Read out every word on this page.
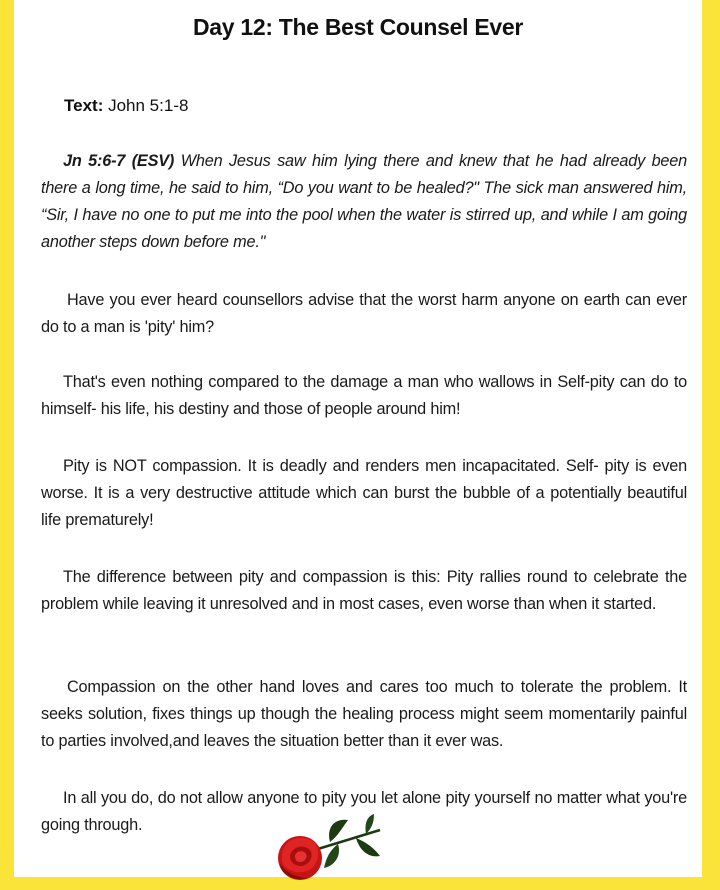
Day 12: The Best Counsel Ever
Text: John 5:1-8
Jn 5:6-7 (ESV) When Jesus saw him lying there and knew that he had already been there a long time, he said to him, “Do you want to be healed?" The sick man answered him, “Sir, I have no one to put me into the pool when the water is stirred up, and while I am going another steps down before me."
Have you ever heard counsellors advise that the worst harm anyone on earth can ever do to a man is 'pity' him?
That's even nothing compared to the damage a man who wallows in Self-pity can do to himself- his life, his destiny and those of people around him!
Pity is NOT compassion. It is deadly and renders men incapacitated. Self- pity is even worse. It is a very destructive attitude which can burst the bubble of a potentially beautiful life prematurely!
The difference between pity and compassion is this: Pity rallies round to celebrate the problem while leaving it unresolved and in most cases, even worse than when it started.
Compassion on the other hand loves and cares too much to tolerate the problem. It seeks solution, fixes things up though the healing process might seem momentarily painful to parties involved,and leaves the situation better than it ever was.
In all you do, do not allow anyone to pity you let alone pity yourself no matter what you're going through.
